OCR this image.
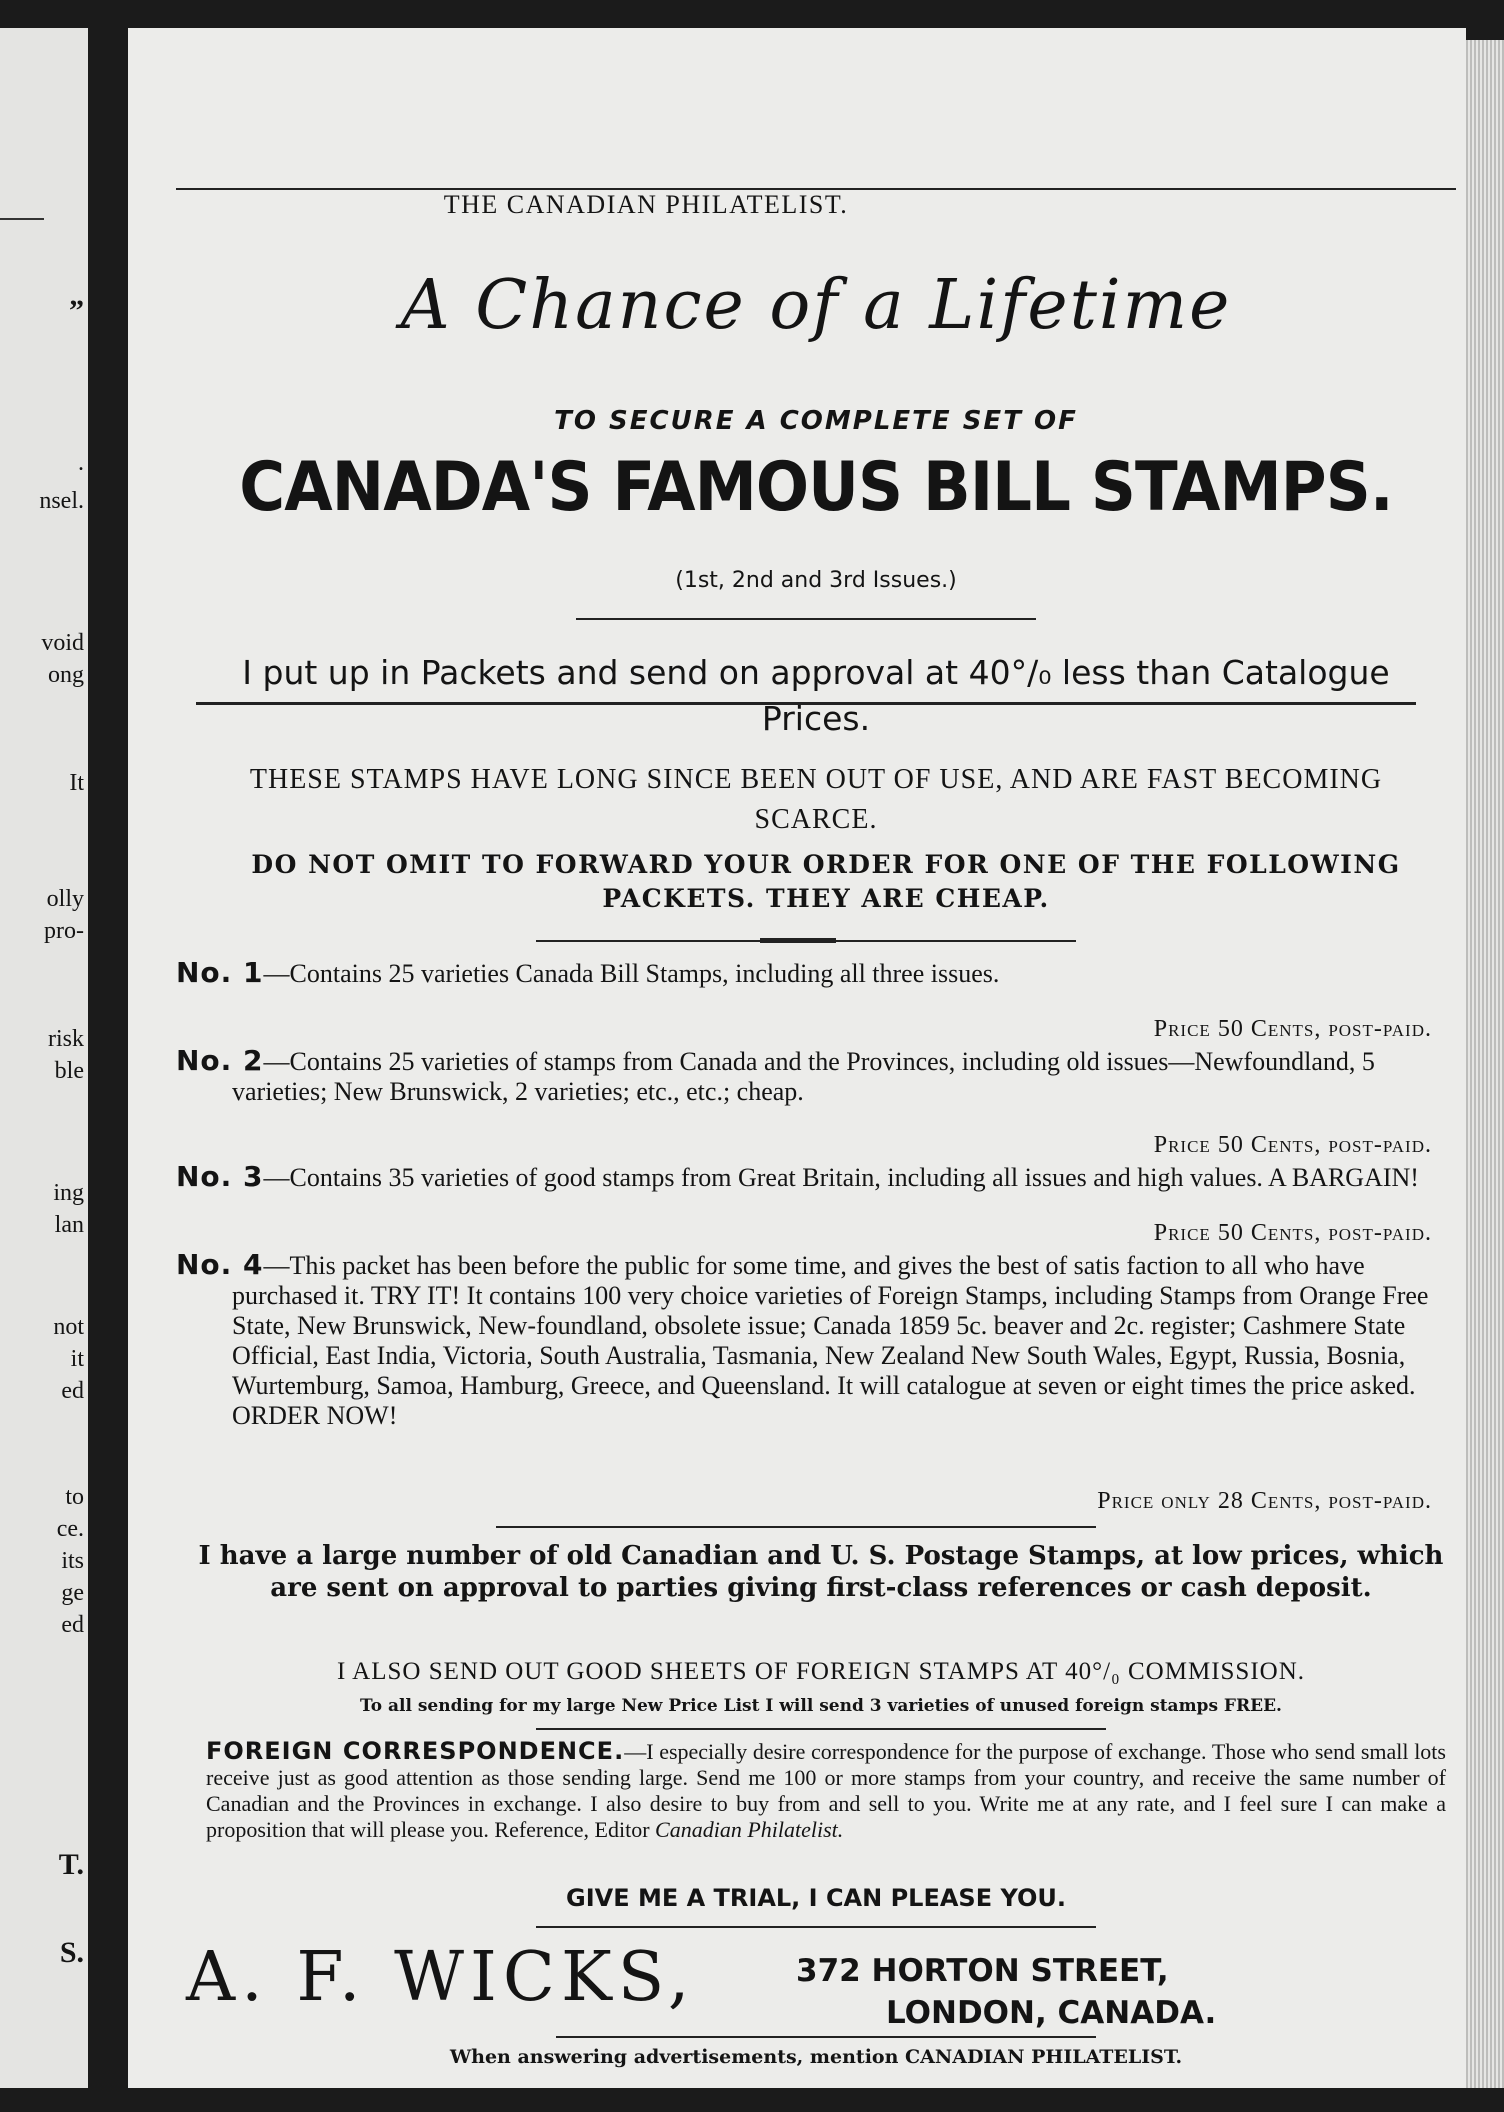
”
.
nsel.
void
ong
It
olly
pro-
risk
ble
ing
lan
not
it
ed
to
ce.
its
ge
ed
T.
S.
THE CANADIAN PHILATELIST.
A Chance of a Lifetime
TO SECURE A COMPLETE SET OF
CANADA'S FAMOUS BILL STAMPS.
(1st, 2nd and 3rd Issues.)
I put up in Packets and send on approval at 40°/₀ less than Catalogue Prices.
THESE STAMPS HAVE LONG SINCE BEEN OUT OF USE, AND ARE FAST BECOMING SCARCE.
DO NOT OMIT TO FORWARD YOUR ORDER FOR ONE OF THE FOLLOWING PACKETS. THEY ARE CHEAP.
No. 1—Contains 25 varieties Canada Bill Stamps, including all three issues.
Price 50 Cents, post-paid.
No. 2—Contains 25 varieties of stamps from Canada and the Provinces, including old issues—Newfoundland, 5 varieties; New Brunswick, 2 varieties; etc., etc.; cheap.
Price 50 Cents, post-paid.
No. 3—Contains 35 varieties of good stamps from Great Britain, including all issues and high values. A BARGAIN!
Price 50 Cents, post-paid.
No. 4—This packet has been before the public for some time, and gives the best of satis faction to all who have purchased it. TRY IT! It contains 100 very choice varieties of Foreign Stamps, including Stamps from Orange Free State, New Brunswick, New-foundland, obsolete issue; Canada 1859 5c. beaver and 2c. register; Cashmere State Official, East India, Victoria, South Australia, Tasmania, New Zealand New South Wales, Egypt, Russia, Bosnia, Wurtemburg, Samoa, Hamburg, Greece, and Queensland. It will catalogue at seven or eight times the price asked. ORDER NOW!
Price only 28 Cents, post-paid.
I have a large number of old Canadian and U. S. Postage Stamps, at low prices, which are sent on approval to parties giving first-class references or cash deposit.
I ALSO SEND OUT GOOD SHEETS OF FOREIGN STAMPS AT 40°/₀ COMMISSION.
To all sending for my large New Price List I will send 3 varieties of unused foreign stamps FREE.
FOREIGN CORRESPONDENCE.—I especially desire correspondence for the purpose of exchange. Those who send small lots receive just as good attention as those sending large. Send me 100 or more stamps from your country, and receive the same number of Canadian and the Provinces in exchange. I also desire to buy from and sell to you. Write me at any rate, and I feel sure I can make a proposition that will please you. Reference, Editor Canadian Philatelist.
GIVE ME A TRIAL, I CAN PLEASE YOU.
A. F. WICKS,	372 HORTON STREET,
LONDON, CANADA.
When answering advertisements, mention CANADIAN PHILATELIST.
